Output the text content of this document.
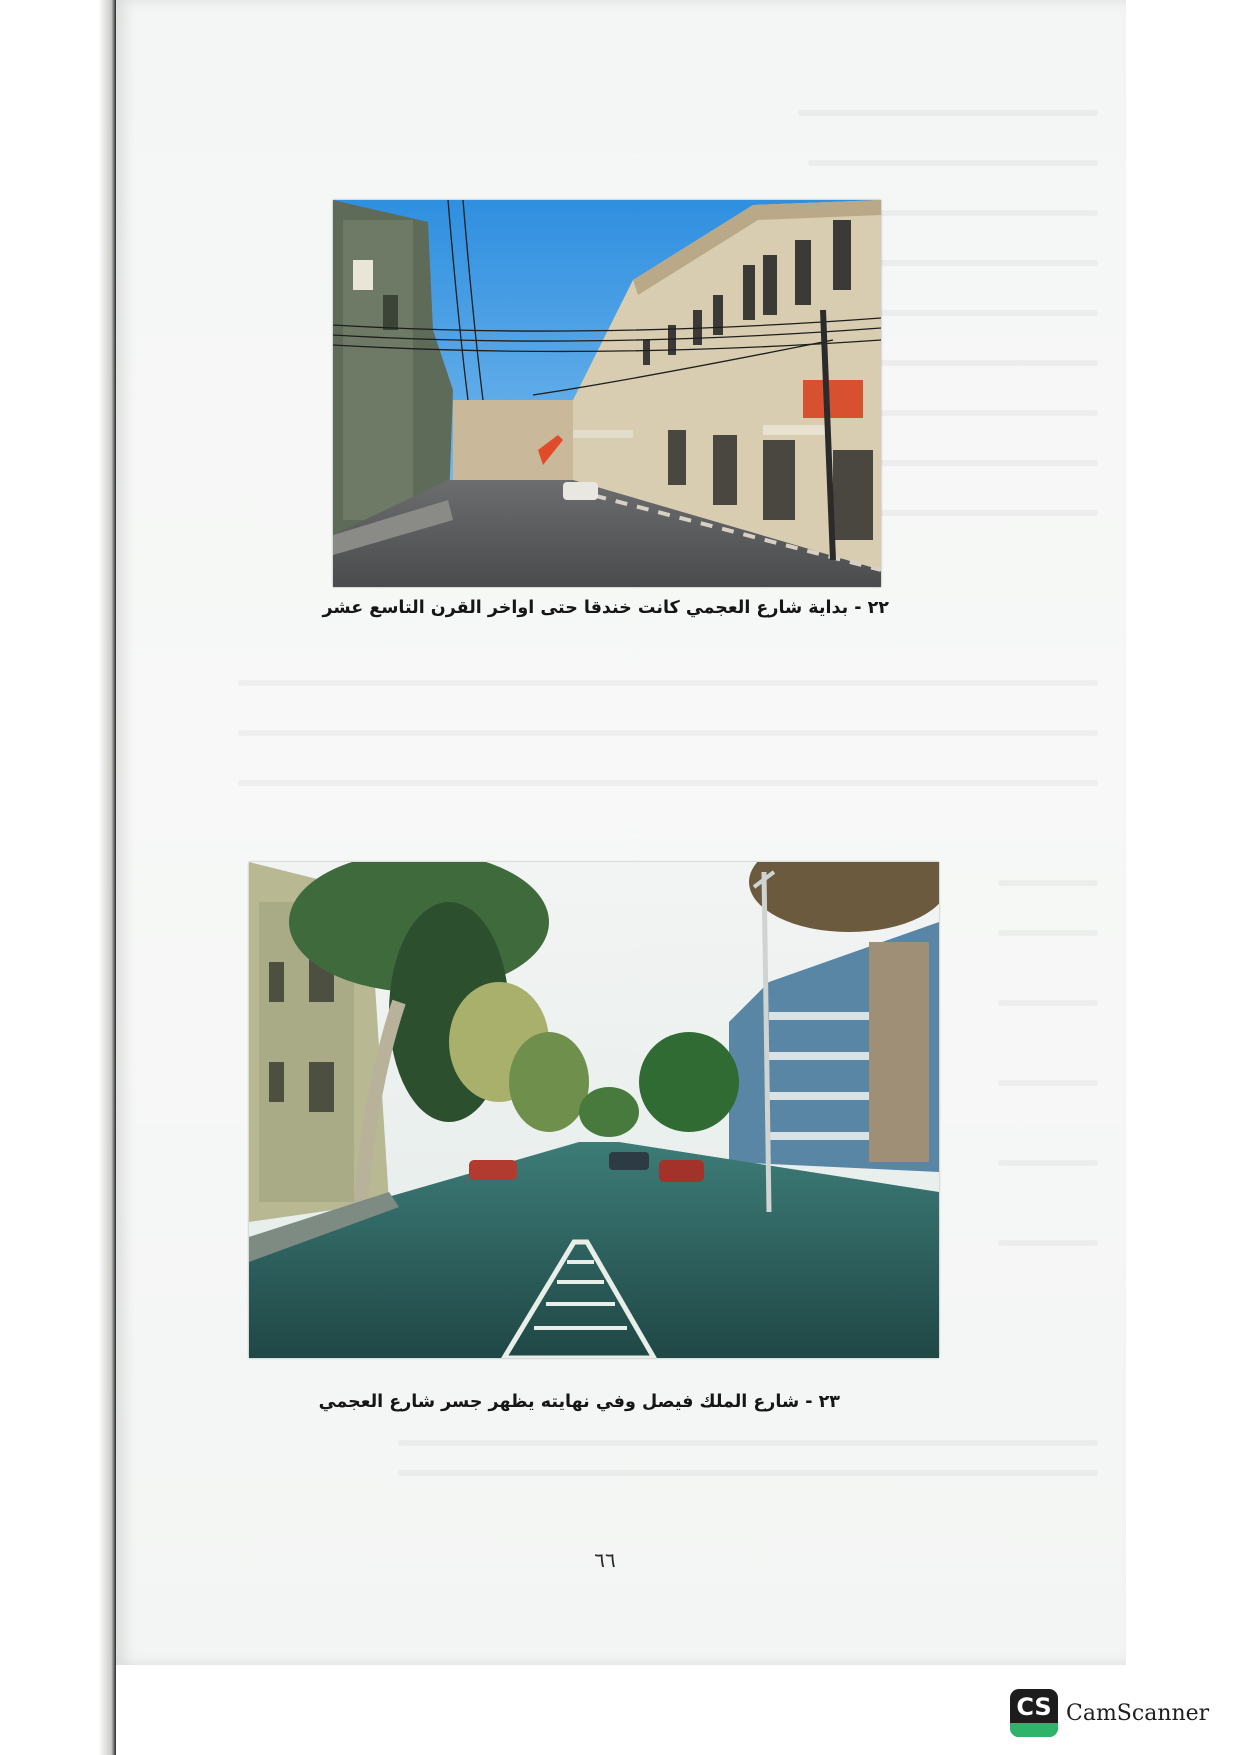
٢٢ - بداية شارع العجمي كانت خندقا حتى اواخر القرن التاسع عشر
٢٣ - شارع الملك فيصل وفي نهايته يظهر جسر شارع العجمي
٦٦
CS CamScanner
